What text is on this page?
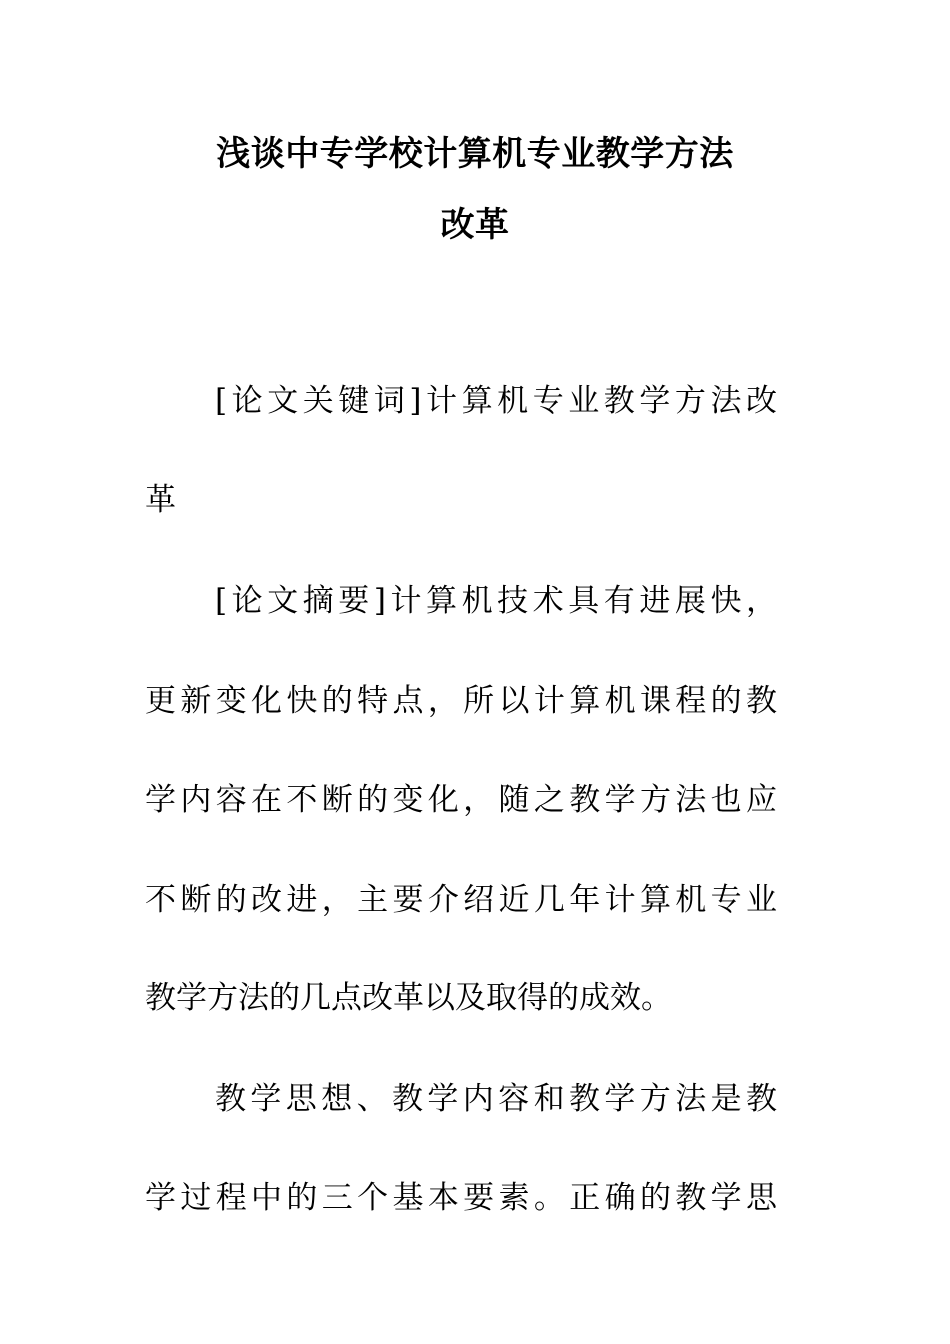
浅谈中专学校计算机专业教学方法
改革
[论文关键词]计算机专业教学方法改
革
[论文摘要]计算机技术具有进展快，
更新变化快的特点，所以计算机课程的教
学内容在不断的变化，随之教学方法也应
不断的改进，主要介绍近几年计算机专业
教学方法的几点改革以及取得的成效。
教学思想、教学内容和教学方法是教
学过程中的三个基本要素。正确的教学思
